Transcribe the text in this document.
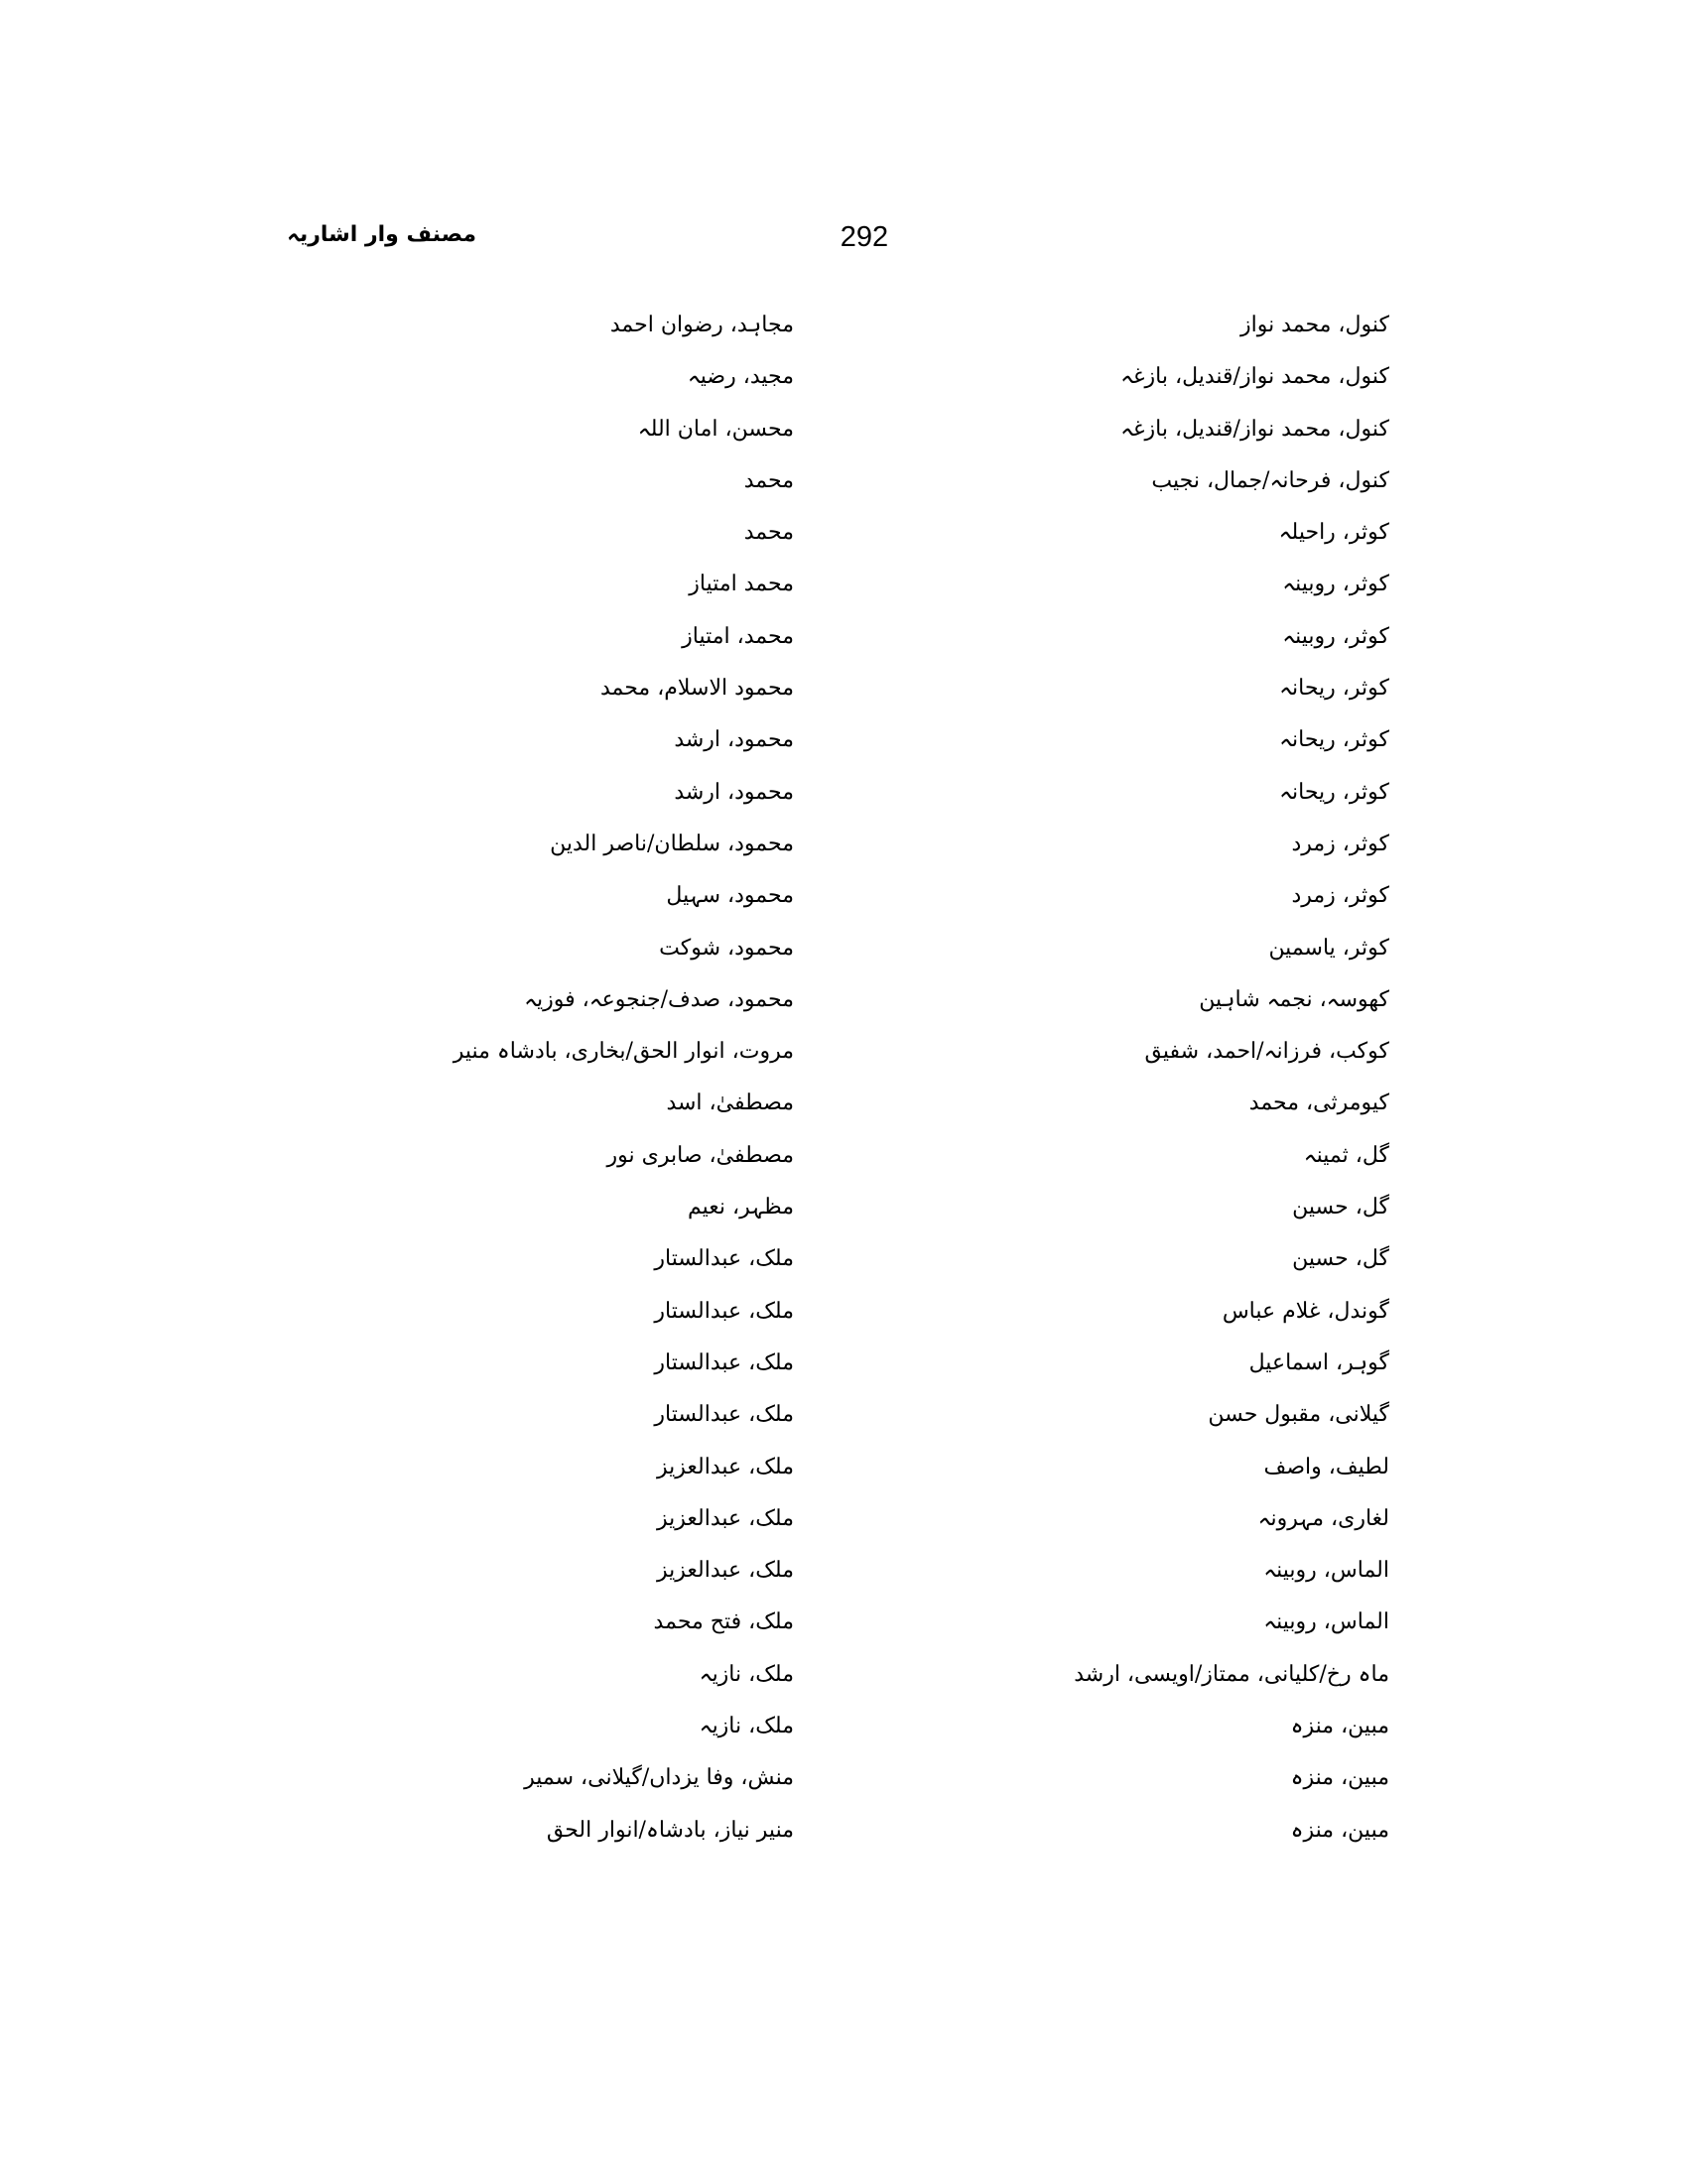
مصنف وار اشاریہ	292
کنول، محمد نواز
کنول، محمد نواز/قندیل، بازغہ
کنول، محمد نواز/قندیل، بازغہ
کنول، فرحانہ/جمال، نجیب
کوثر، راحیلہ
کوثر، روبینہ
کوثر، روبینہ
کوثر، ریحانہ
کوثر، ریحانہ
کوثر، ریحانہ
کوثر، زمرد
کوثر، زمرد
کوثر، یاسمین
کھوسہ، نجمہ شاہین
کوکب، فرزانہ/احمد، شفیق
کیومرثی، محمد
گل، ثمینہ
گل، حسین
گل، حسین
گوندل، غلام عباس
گوہر، اسماعیل
گیلانی، مقبول حسن
لطیف، واصف
لغاری، مہرونہ
الماس، روبینہ
الماس، روبینہ
ماہ رخ/کلیانی، ممتاز/اویسی، ارشد
مبین، منزہ
مبین، منزہ
مبین، منزہ
مجاہد، رضوان احمد
مجید، رضیہ
محسن، امان اللہ
محمد
محمد
محمد امتیاز
محمد، امتیاز
محمود الاسلام، محمد
محمود، ارشد
محمود، ارشد
محمود، سلطان/ناصر الدین
محمود، سہیل
محمود، شوکت
محمود، صدف/جنجوعہ، فوزیہ
مروت، انوار الحق/بخاری، بادشاہ منیر
مصطفیٰ، اسد
مصطفیٰ، صابری نور
مظہر، نعیم
ملک، عبدالستار
ملک، عبدالستار
ملک، عبدالستار
ملک، عبدالستار
ملک، عبدالعزیز
ملک، عبدالعزیز
ملک، عبدالعزیز
ملک، فتح محمد
ملک، نازیہ
ملک، نازیہ
منش، وفا یزداں/گیلانی، سمیر
منیر نیاز، بادشاہ/انوار الحق
